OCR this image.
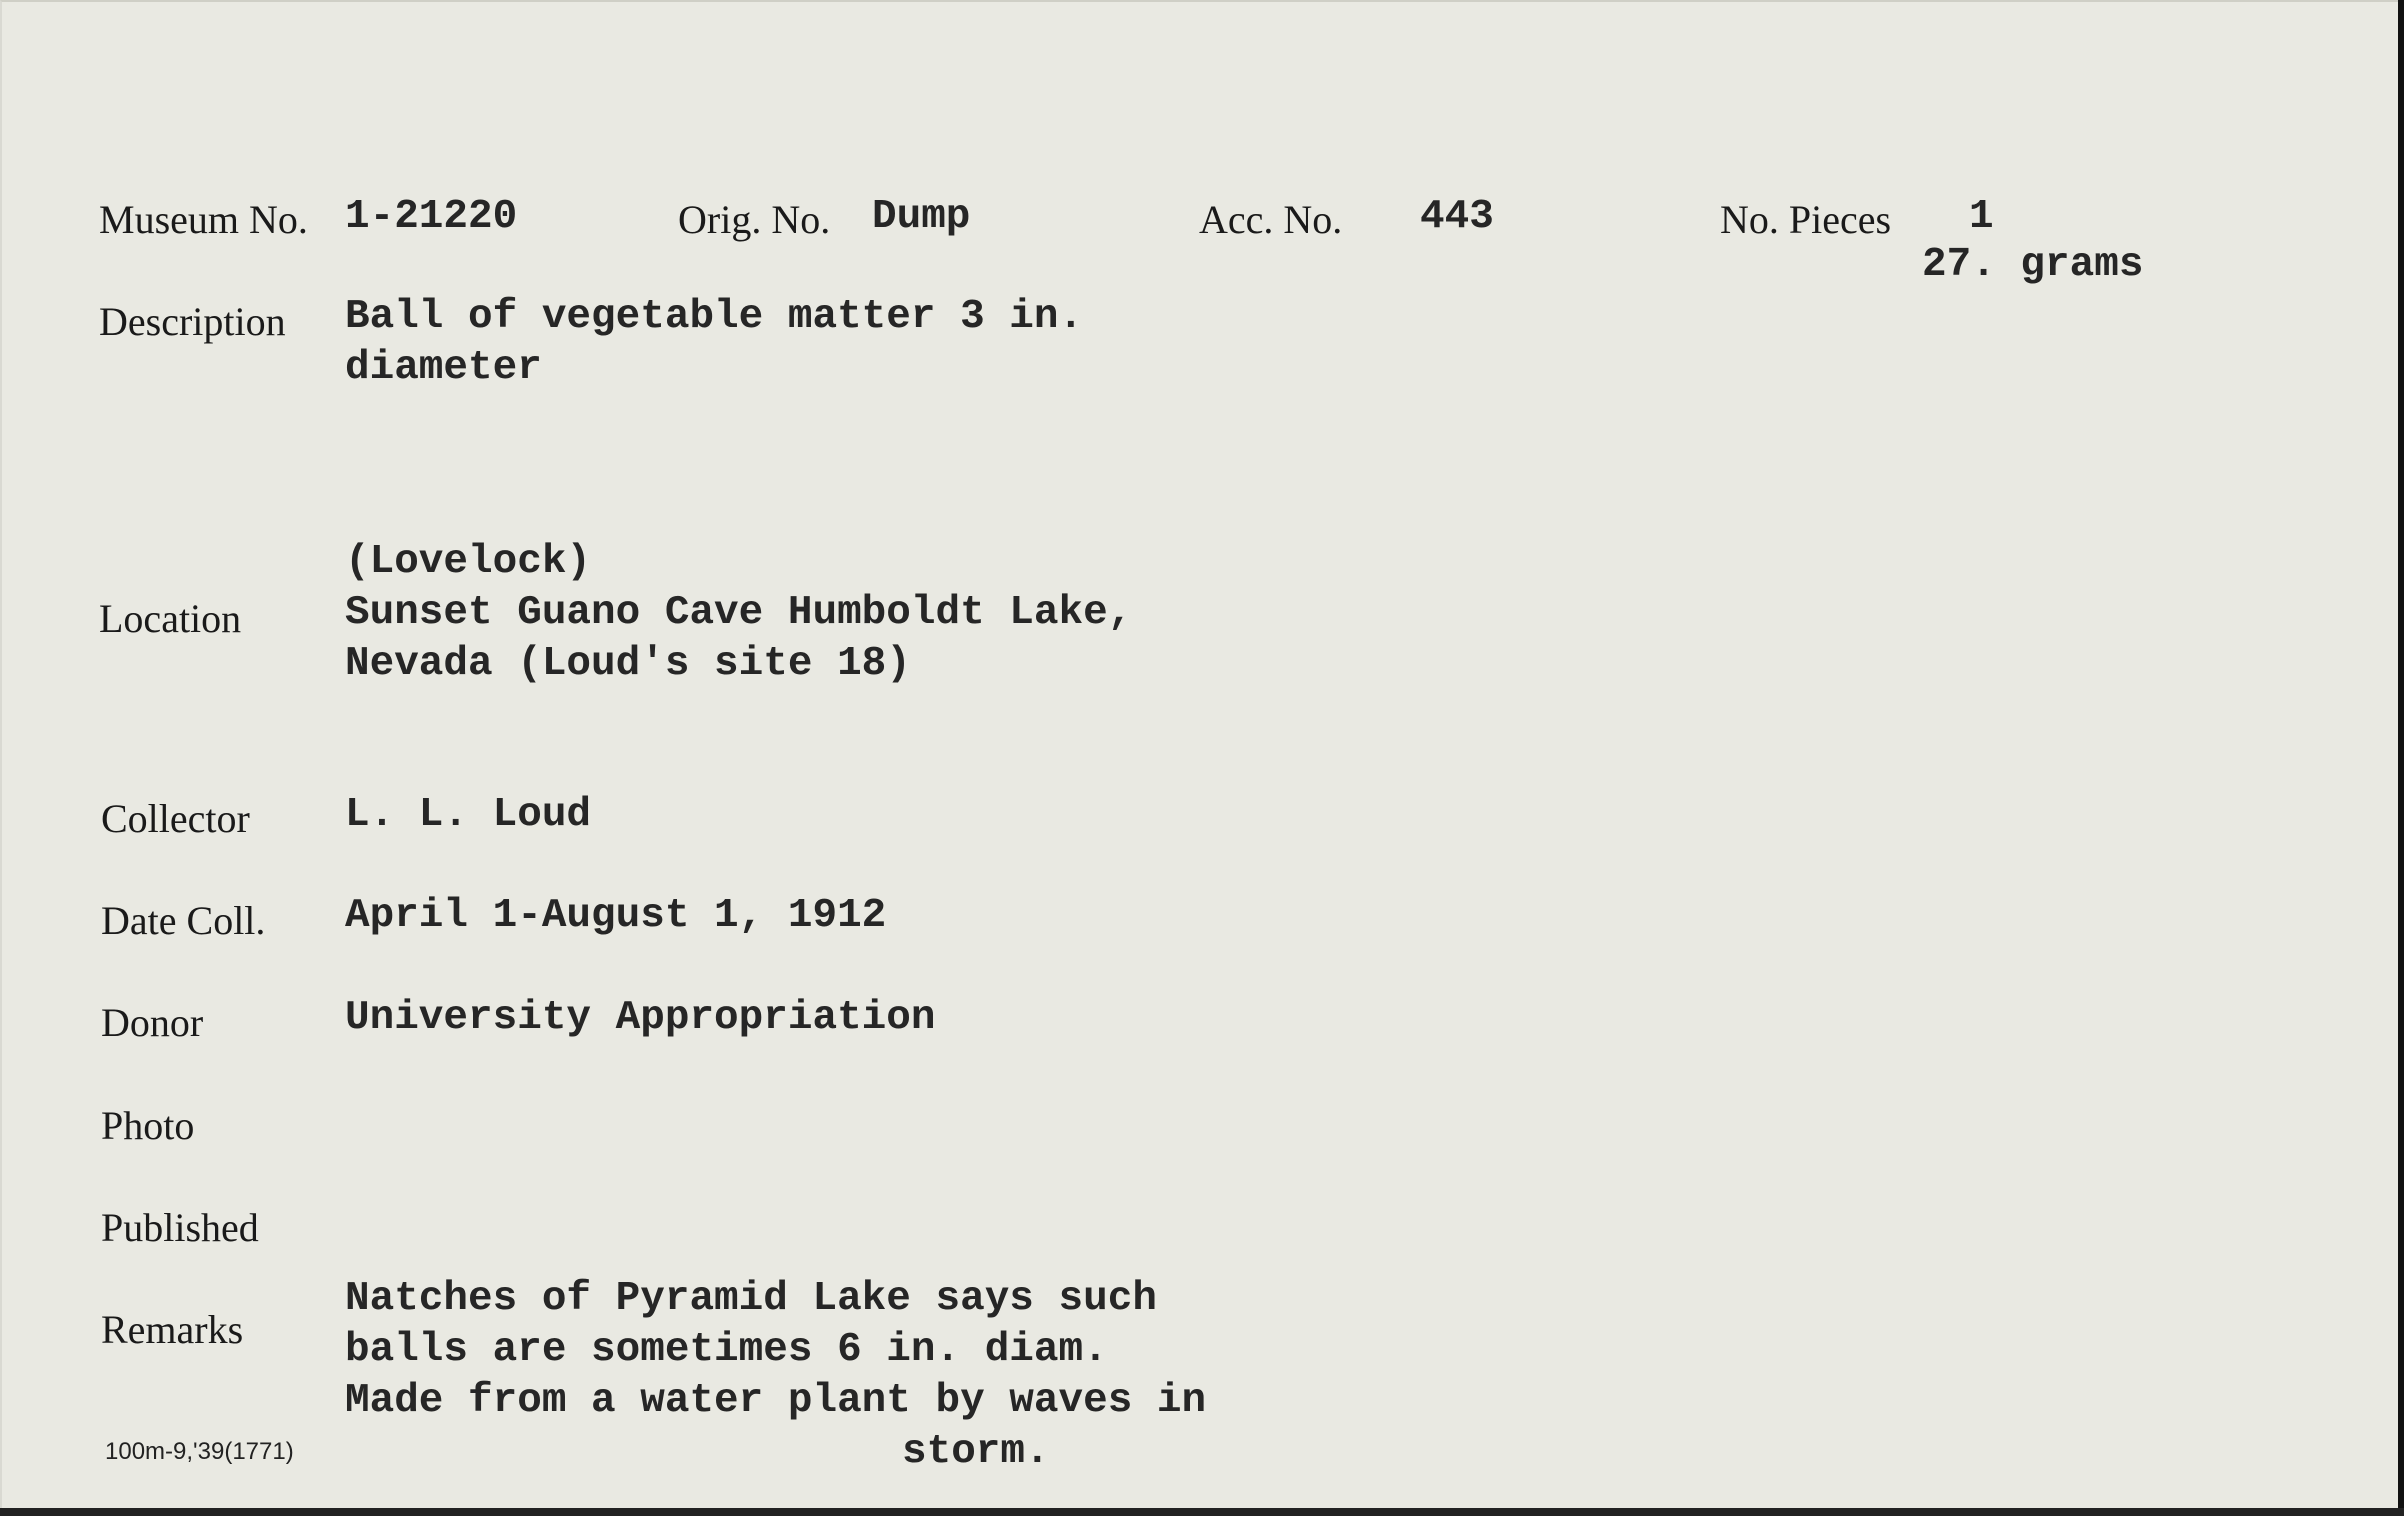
Museum No. 1-21220	Orig. No. Dump	Acc. No. 443	No. Pieces 1
27. grams
Description Ball of vegetable matter 3 in.
diameter
Location
(Lovelock)
Sunset Guano Cave Humboldt Lake,
Nevada (Loud's site 18)
Collector L. L. Loud
Date Coll. April 1-August 1, 1912
Donor	University Appropriation
Photo
Published
Remarks
Natches of Pyramid Lake says such
balls are sometimes 6 in. diam.
Made from a water plant by waves in
storm.
100m-9,'39(1771)
